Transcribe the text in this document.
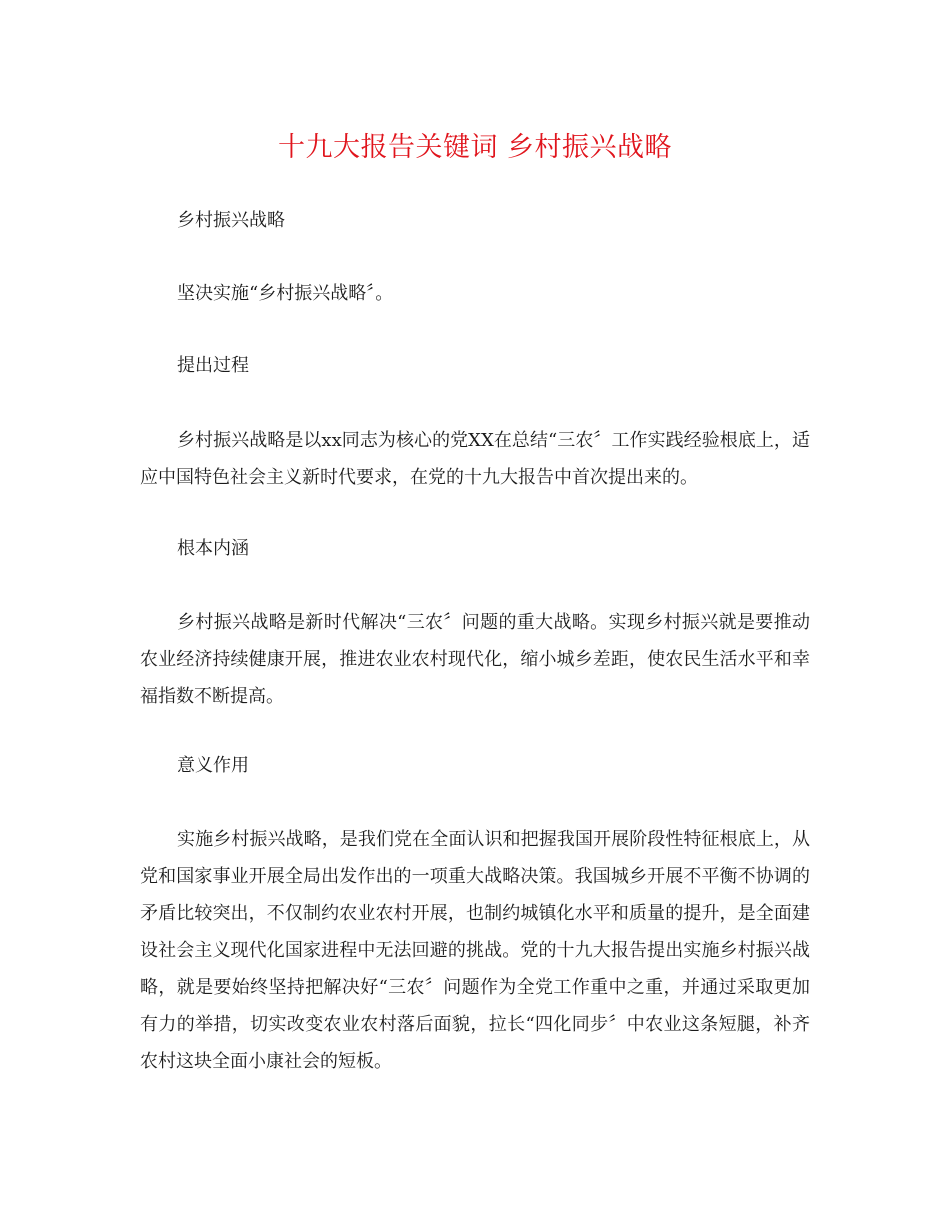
十九大报告关键词 乡村振兴战略
乡村振兴战略
坚决实施“乡村振兴战略〞。
提出过程
乡村振兴战略是以xx同志为核心的党XX在总结“三农〞工作实践经验根底上，适应中国特色社会主义新时代要求，在党的十九大报告中首次提出来的。
根本内涵
乡村振兴战略是新时代解决“三农〞问题的重大战略。实现乡村振兴就是要推动农业经济持续健康开展，推进农业农村现代化，缩小城乡差距，使农民生活水平和幸福指数不断提高。
意义作用
实施乡村振兴战略，是我们党在全面认识和把握我国开展阶段性特征根底上，从党和国家事业开展全局出发作出的一项重大战略决策。我国城乡开展不平衡不协调的矛盾比较突出，不仅制约农业农村开展，也制约城镇化水平和质量的提升，是全面建设社会主义现代化国家进程中无法回避的挑战。党的十九大报告提出实施乡村振兴战略，就是要始终坚持把解决好“三农〞问题作为全党工作重中之重，并通过采取更加有力的举措，切实改变农业农村落后面貌，拉长“四化同步〞中农业这条短腿，补齐农村这块全面小康社会的短板。
